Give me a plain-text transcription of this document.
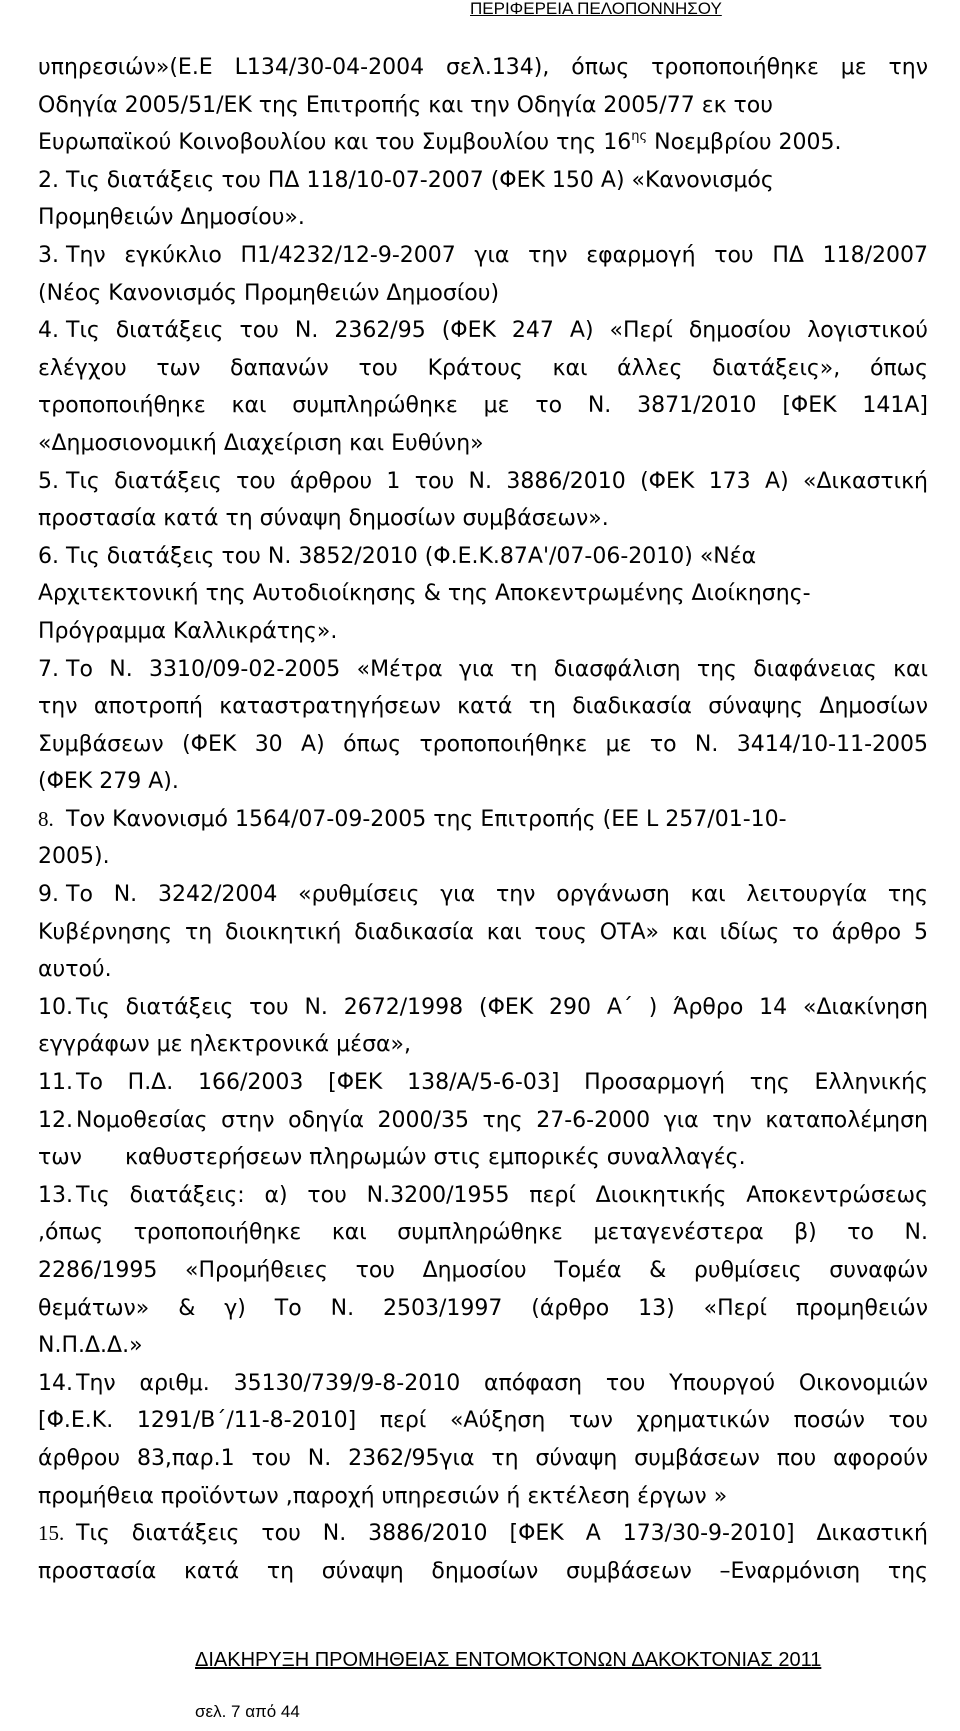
ΠΕΡΙΦΕΡΕΙΑ ΠΕΛΟΠΟΝΝΗΣΟΥ
υπηρεσιών»(Ε.Ε L134/30-04-2004 σελ.134), όπως τροποποιήθηκε με την
Οδηγία 2005/51/ΕΚ της Επιτροπής και την Οδηγία 2005/77 εκ του
Ευρωπαϊκού Κοινοβουλίου και του Συμβουλίου της $16^{\eta\varsigma}$ Νοεμβρίου 2005.
2. Τις διατάξεις του ΠΔ 118/10-07-2007 (ΦΕΚ 150 Α) «Κανονισμός
Προμηθειών Δημοσίου».
3. Την εγκύκλιο Π1/4232/12-9-2007 για την εφαρμογή του ΠΔ 118/2007
(Νέος Κανονισμός Προμηθειών Δημοσίου)
4. Τις διατάξεις του Ν. 2362/95 (ΦΕΚ 247 Α) «Περί δημοσίου λογιστικού
ελέγχου των δαπανών του Κράτους και άλλες διατάξεις», όπως
τροποποιήθηκε και συμπληρώθηκε με το Ν. 3871/2010 [ΦΕΚ 141Α]
«Δημοσιονομική Διαχείριση και Ευθύνη»
5. Τις διατάξεις του άρθρου 1 του Ν. 3886/2010 (ΦΕΚ 173 Α) «Δικαστική
προστασία κατά τη σύναψη δημοσίων συμβάσεων».
6. Τις διατάξεις του Ν. 3852/2010 (Φ.Ε.Κ.87Α'/07-06-2010) «Νέα
Αρχιτεκτονική της Αυτοδιοίκησης & της Αποκεντρωμένης Διοίκησης-
Πρόγραμμα Καλλικράτης».
7. Το Ν. 3310/09-02-2005 «Μέτρα για τη διασφάλιση της διαφάνειας και
την αποτροπή καταστρατηγήσεων κατά τη διαδικασία σύναψης Δημοσίων
Συμβάσεων (ΦΕΚ 30 Α) όπως τροποποιήθηκε με το Ν. 3414/10-11-2005
(ΦΕΚ 279 Α).
8. Τον Κανονισμό 1564/07-09-2005 της Επιτροπής (ΕΕ L 257/01-10-
2005).
9. Το Ν. 3242/2004 «ρυθμίσεις για την οργάνωση και λειτουργία της
Κυβέρνησης τη διοικητική διαδικασία και τους ΟΤΑ» και ιδίως το άρθρο 5
αυτού.
10. Τις διατάξεις του Ν. 2672/1998 (ΦΕΚ 290 Α΄ ) Άρθρο 14 «Διακίνηση
εγγράφων με ηλεκτρονικά μέσα»,
11. Το Π.Δ. 166/2003 [ΦΕΚ 138/Α/5-6-03] Προσαρμογή της Ελληνικής
12. Νομοθεσίας στην οδηγία 2000/35 της 27-6-2000 για την καταπολέμηση
των καθυστερήσεων πληρωμών στις εμπορικές συναλλαγές.
13. Τις διατάξεις: α) του Ν.3200/1955 περί Διοικητικής Αποκεντρώσεως
,όπως τροποποιήθηκε και συμπληρώθηκε μεταγενέστερα β) το Ν.
2286/1995 «Προμήθειες του Δημοσίου Τομέα & ρυθμίσεις συναφών
θεμάτων» & γ) Το Ν. 2503/1997 (άρθρο 13) «Περί προμηθειών
Ν.Π.Δ.Δ.»
14. Την αριθμ. 35130/739/9-8-2010 απόφαση του Υπουργού Οικονομιών
[Φ.Ε.Κ. 1291/Β΄/11-8-2010] περί «Αύξηση των χρηματικών ποσών του
άρθρου 83,παρ.1 του Ν. 2362/95για τη σύναψη συμβάσεων που αφορούν
προμήθεια προϊόντων ,παροχή υπηρεσιών ή εκτέλεση έργων »
15. Τις διατάξεις του Ν. 3886/2010 [ΦΕΚ Α 173/30-9-2010] Δικαστική
προστασία κατά τη σύναψη δημοσίων συμβάσεων –Εναρμόνιση της
ΔΙΑΚΗΡΥΞΗ ΠΡΟΜΗΘΕΙΑΣ ΕΝΤΟΜΟΚΤΟΝΩΝ ΔΑΚΟΚΤΟΝΙΑΣ 2011
σελ. 7 από 44
